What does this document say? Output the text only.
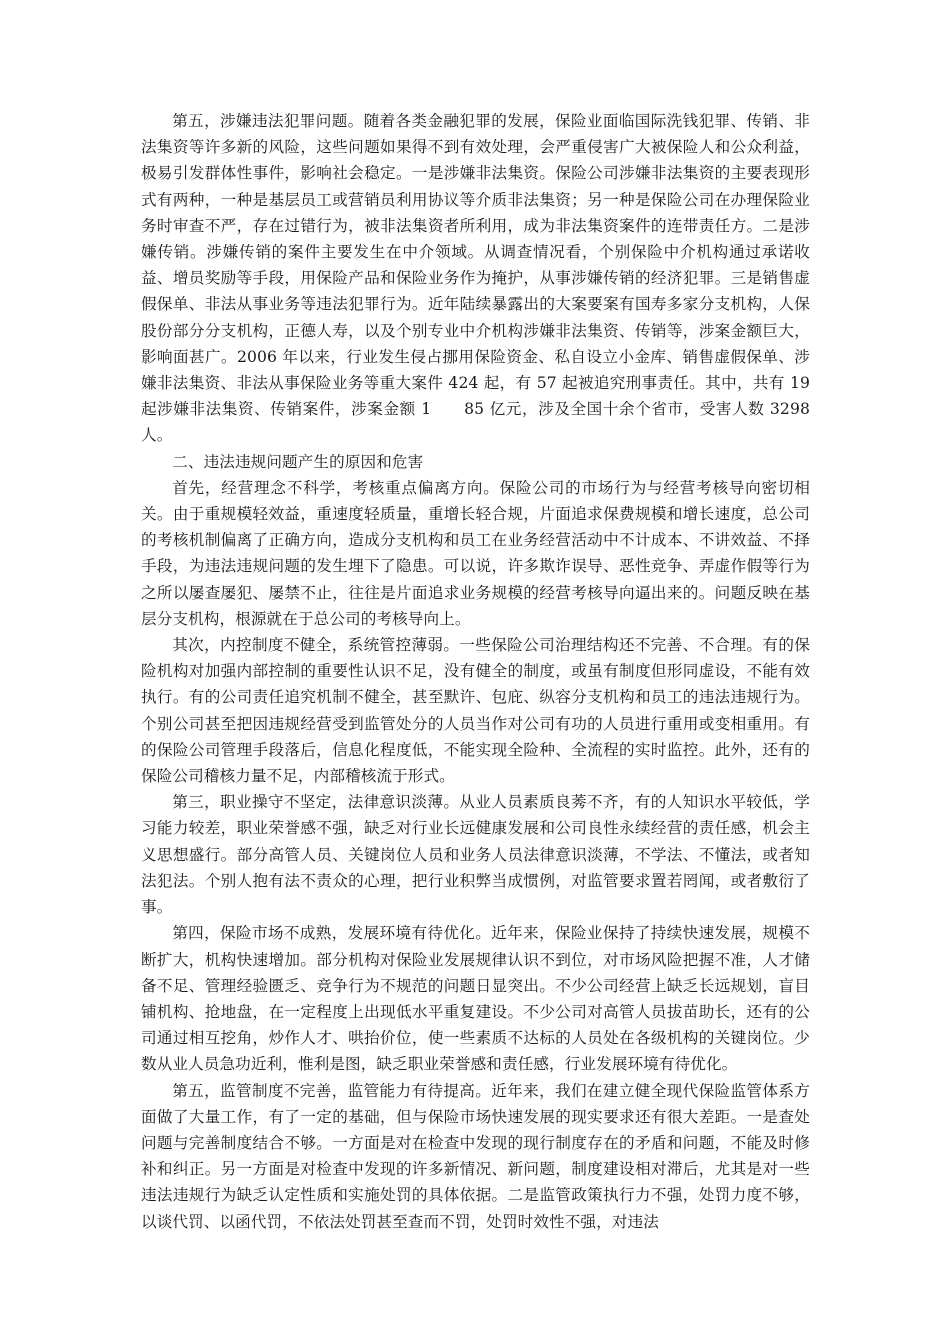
第五，涉嫌违法犯罪问题。随着各类金融犯罪的发展，保险业面临国际洗钱犯罪、传销、非法集资等许多新的风险，这些问题如果得不到有效处理，会严重侵害广大被保险人和公众利益，极易引发群体性事件，影响社会稳定。一是涉嫌非法集资。保险公司涉嫌非法集资的主要表现形式有两种，一种是基层员工或营销员利用协议等介质非法集资；另一种是保险公司在办理保险业务时审查不严，存在过错行为，被非法集资者所利用，成为非法集资案件的连带责任方。二是涉嫌传销。涉嫌传销的案件主要发生在中介领域。从调查情况看，个别保险中介机构通过承诺收益、增员奖励等手段，用保险产品和保险业务作为掩护，从事涉嫌传销的经济犯罪。三是销售虚假保单、非法从事业务等违法犯罪行为。近年陆续暴露出的大案要案有国寿多家分支机构，人保股份部分分支机构，正德人寿，以及个别专业中介机构涉嫌非法集资、传销等，涉案金额巨大，影响面甚广。2006 年以来，行业发生侵占挪用保险资金、私自设立小金库、销售虚假保单、涉嫌非法集资、非法从事保险业务等重大案件 424 起，有 57 起被追究刑事责任。其中，共有 19 起涉嫌非法集资、传销案件，涉案金额 1　　85 亿元，涉及全国十余个省市，受害人数 3298 人。

二、违法违规问题产生的原因和危害

首先，经营理念不科学，考核重点偏离方向。保险公司的市场行为与经营考核导向密切相关。由于重规模轻效益，重速度轻质量，重增长轻合规，片面追求保费规模和增长速度，总公司的考核机制偏离了正确方向，造成分支机构和员工在业务经营活动中不计成本、不讲效益、不择手段，为违法违规问题的发生埋下了隐患。可以说，许多欺诈误导、恶性竞争、弄虚作假等行为之所以屡查屡犯、屡禁不止，往往是片面追求业务规模的经营考核导向逼出来的。问题反映在基层分支机构，根源就在于总公司的考核导向上。

其次，内控制度不健全，系统管控薄弱。一些保险公司治理结构还不完善、不合理。有的保险机构对加强内部控制的重要性认识不足，没有健全的制度，或虽有制度但形同虚设，不能有效执行。有的公司责任追究机制不健全，甚至默许、包庇、纵容分支机构和员工的违法违规行为。个别公司甚至把因违规经营受到监管处分的人员当作对公司有功的人员进行重用或变相重用。有的保险公司管理手段落后，信息化程度低，不能实现全险种、全流程的实时监控。此外，还有的保险公司稽核力量不足，内部稽核流于形式。

第三，职业操守不坚定，法律意识淡薄。从业人员素质良莠不齐，有的人知识水平较低，学习能力较差，职业荣誉感不强，缺乏对行业长远健康发展和公司良性永续经营的责任感，机会主义思想盛行。部分高管人员、关键岗位人员和业务人员法律意识淡薄，不学法、不懂法，或者知法犯法。个别人抱有法不责众的心理，把行业积弊当成惯例，对监管要求置若罔闻，或者敷衍了事。

第四，保险市场不成熟，发展环境有待优化。近年来，保险业保持了持续快速发展，规模不断扩大，机构快速增加。部分机构对保险业发展规律认识不到位，对市场风险把握不准，人才储备不足、管理经验匮乏、竞争行为不规范的问题日显突出。不少公司经营上缺乏长远规划，盲目铺机构、抢地盘，在一定程度上出现低水平重复建设。不少公司对高管人员拔苗助长，还有的公司通过相互挖角，炒作人才、哄抬价位，使一些素质不达标的人员处在各级机构的关键岗位。少数从业人员急功近利，惟利是图，缺乏职业荣誉感和责任感，行业发展环境有待优化。

第五，监管制度不完善，监管能力有待提高。近年来，我们在建立健全现代保险监管体系方面做了大量工作，有了一定的基础，但与保险市场快速发展的现实要求还有很大差距。一是查处问题与完善制度结合不够。一方面是对在检查中发现的现行制度存在的矛盾和问题，不能及时修补和纠正。另一方面是对检查中发现的许多新情况、新问题，制度建设相对滞后，尤其是对一些违法违规行为缺乏认定性质和实施处罚的具体依据。二是监管政策执行力不强，处罚力度不够，以谈代罚、以函代罚，不依法处罚甚至查而不罚，处罚时效性不强，对违法
